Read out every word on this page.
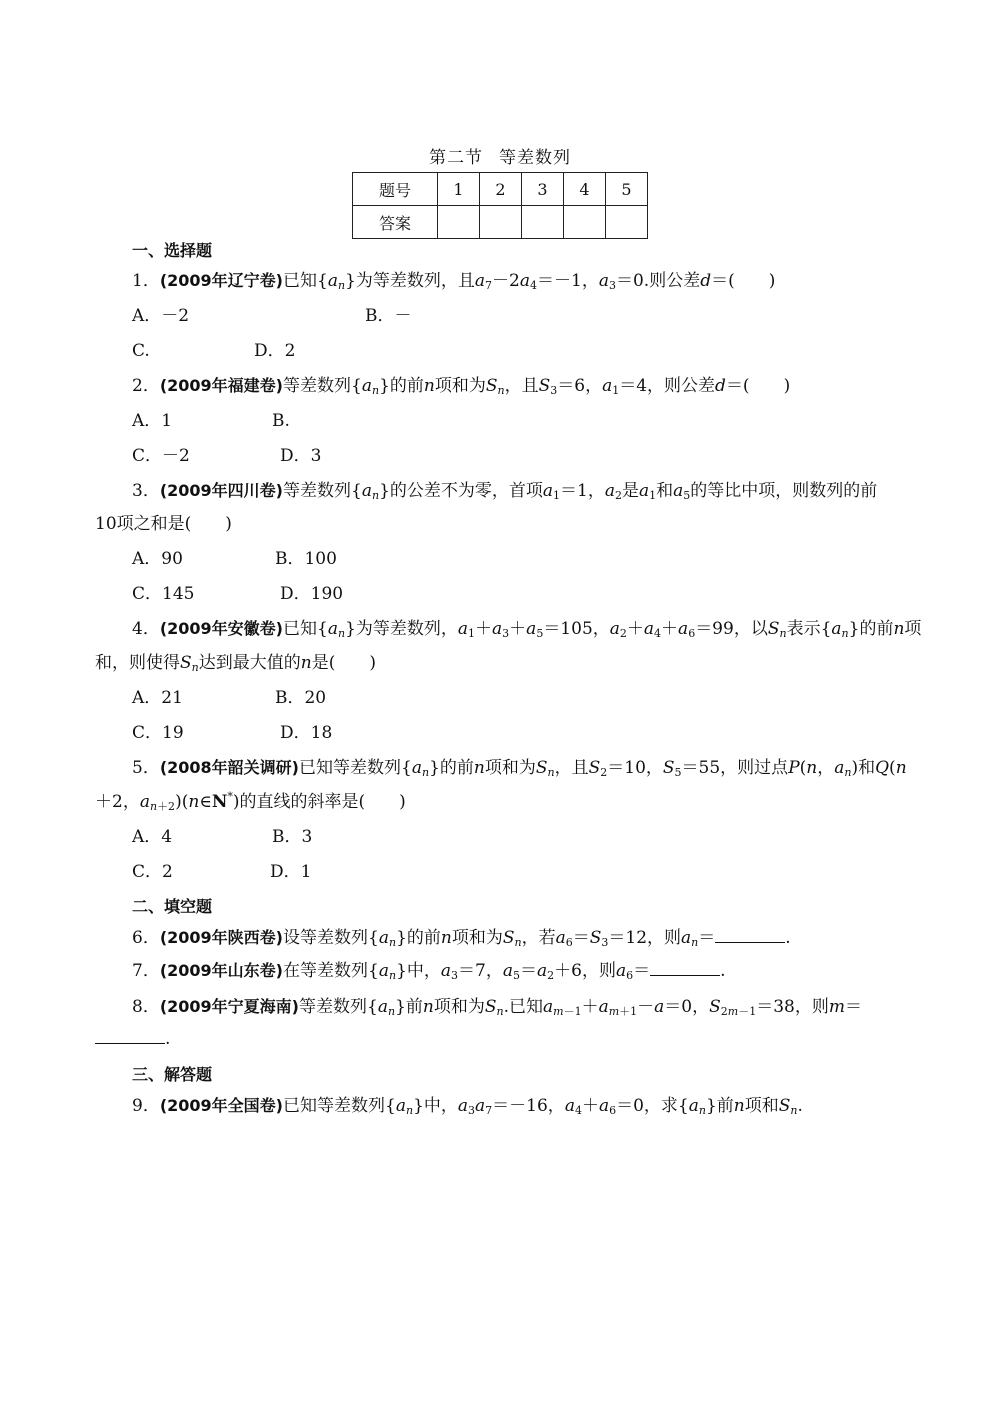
第二节 等差数列
题号	1	2	3	4	5
答案					
一、选择题
1．(2009年辽宁卷)已知$\{a_n\}$为等差数列，且$a_7-2a_4=-1$，$a_3=0$.则公差d＝(　　)
A．－2	B．－
C.	D．2
2．(2009年福建卷)等差数列$\{a_n\}$的前n项和为$S_n$，且$S_3=6$，$a_1=4$，则公差d＝(　　)
A．1	B.
C．－2	D．3
3．(2009年四川卷)等差数列$\{a_n\}$的公差不为零，首项$a_1=1$，$a_2$是$a_1$和$a_5$的等比中项，则数列的前
10项之和是(　　)
A．90	B．100
C．145	D．190
4．(2009年安徽卷)已知$\{a_n\}$为等差数列，$a_1+a_3+a_5=105$，$a_2+a_4+a_6=99$，以$S_n$表示$\{a_n\}$的前n项
和，则使得$S_n$达到最大值的n是(　　)
A．21	B．20
C．19	D．18
5．(2008年韶关调研)已知等差数列$\{a_n\}$的前n项和为$S_n$，且$S_2=10$，$S_5=55$，则过点P(n，$a_n$)和Q(n
＋2，$a_{n+2})(n\in N^*)$的直线的斜率是(　　)
A．4	B．3
C．2	D．1
二、填空题
6．(2009年陕西卷)设等差数列$\{a_n\}$的前n项和为$S_n$，若$a_6=S_3=12$，则$a_n=$	.
7．(2009年山东卷)在等差数列$\{a_n\}$中，$a_3=7$，$a_5=a_2+6$，则$a_6=$	.
8．(2009年宁夏海南)等差数列$\{a_n\}$前n项和为$S_n$.已知$a_{m-1}+a_{m+1}-a=0$，$S_{2m-1}=38$，则m＝
.
三、解答题
9．(2009年全国卷)已知等差数列$\{a_n\}$中，$a_3a_7=-16$，$a_4+a_6=0$，求$\{a_n\}$前n项和$S_n$.
